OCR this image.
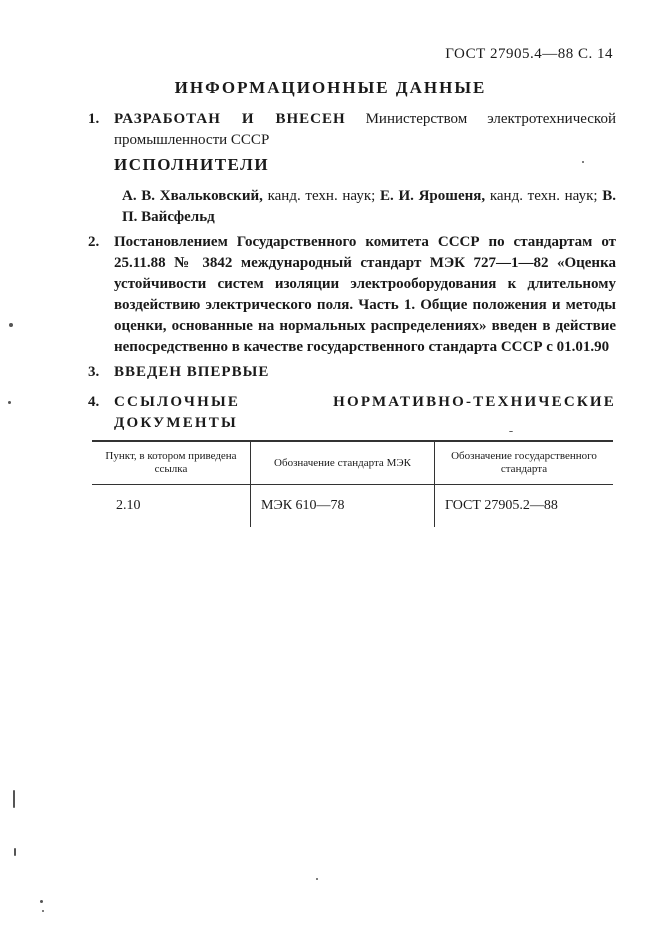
ГОСТ 27905.4—88 С. 14
ИНФОРМАЦИОННЫЕ ДАННЫЕ
1. РАЗРАБОТАН И ВНЕСЕН Министерством электротехнической промышленности СССР
ИСПОЛНИТЕЛИ
А. В. Хвальковский, канд. техн. наук; Е. И. Ярошеня, канд. техн. наук; В. П. Вайсфельд
2. Постановлением Государственного комитета СССР по стандартам от 25.11.88 № 3842 международный стандарт МЭК 727—1—82 «Оценка устойчивости систем изоляции электрооборудования к длительному воздействию электрического поля. Часть 1. Общие положения и методы оценки, основанные на нормальных распределениях» введен в действие непосредственно в качестве государственного стандарта СССР с 01.01.90
3. ВВЕДЕН ВПЕРВЫЕ
4. ССЫЛОЧНЫЕ НОРМАТИВНО-ТЕХНИЧЕСКИЕ ДОКУМЕНТЫ
Пункт, в котором приведена ссылка	Обозначение стандарта МЭК	Обозначение государственного стандарта
2.10	МЭК 610—78	ГОСТ 27905.2—88
